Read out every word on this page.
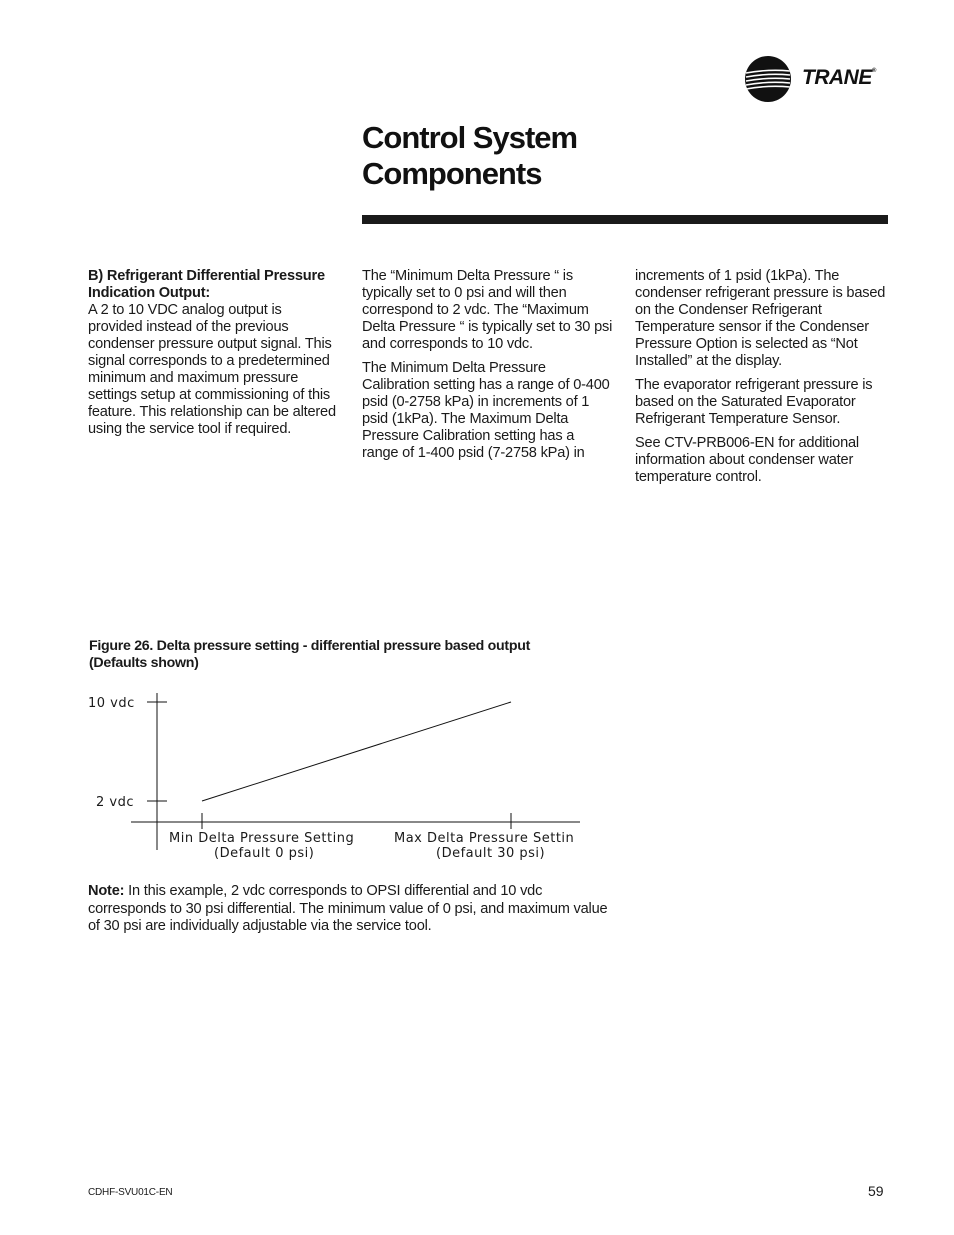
TRANE®
Control System
Components
B) Refrigerant Differential Pressure
Indication Output:
A 2 to 10 VDC analog output is provided instead of the previous condenser pressure output signal. This signal corresponds to a predetermined minimum and maximum pressure settings setup at commissioning of this feature. This relationship can be altered using the service tool if required.

The “Minimum Delta Pressure “ is typically set to 0 psi and will then correspond to 2 vdc. The “Maximum Delta Pressure “ is typically set to 30 psi and corresponds to 10 vdc.

The Minimum Delta Pressure Calibration setting has a range of 0-400 psid (0-2758 kPa) in increments of 1 psid (1kPa). The Maximum Delta Pressure Calibration setting has a range of 1-400 psid (7-2758 kPa) in

increments of 1 psid (1kPa). The condenser refrigerant pressure is based on the Condenser Refrigerant Temperature sensor if the Condenser Pressure Option is selected as “Not Installed” at the display.

The evaporator refrigerant pressure is based on the Saturated Evaporator Refrigerant Temperature Sensor.

See CTV-PRB006-EN for additional information about condenser water temperature control.

Figure 26. Delta pressure setting - differential pressure based output
(Defaults shown)
10 vdc
2 vdc
Min Delta Pressure Setting
(Default 0 psi)
Max Delta Pressure Settin
(Default 30 psi)
Note: In this example, 2 vdc corresponds to OPSI differential and 10 vdc corresponds to 30 psi differential. The minimum value of 0 psi, and maximum value of 30 psi are individually adjustable via the service tool.
CDHF-SVU01C-EN	59
